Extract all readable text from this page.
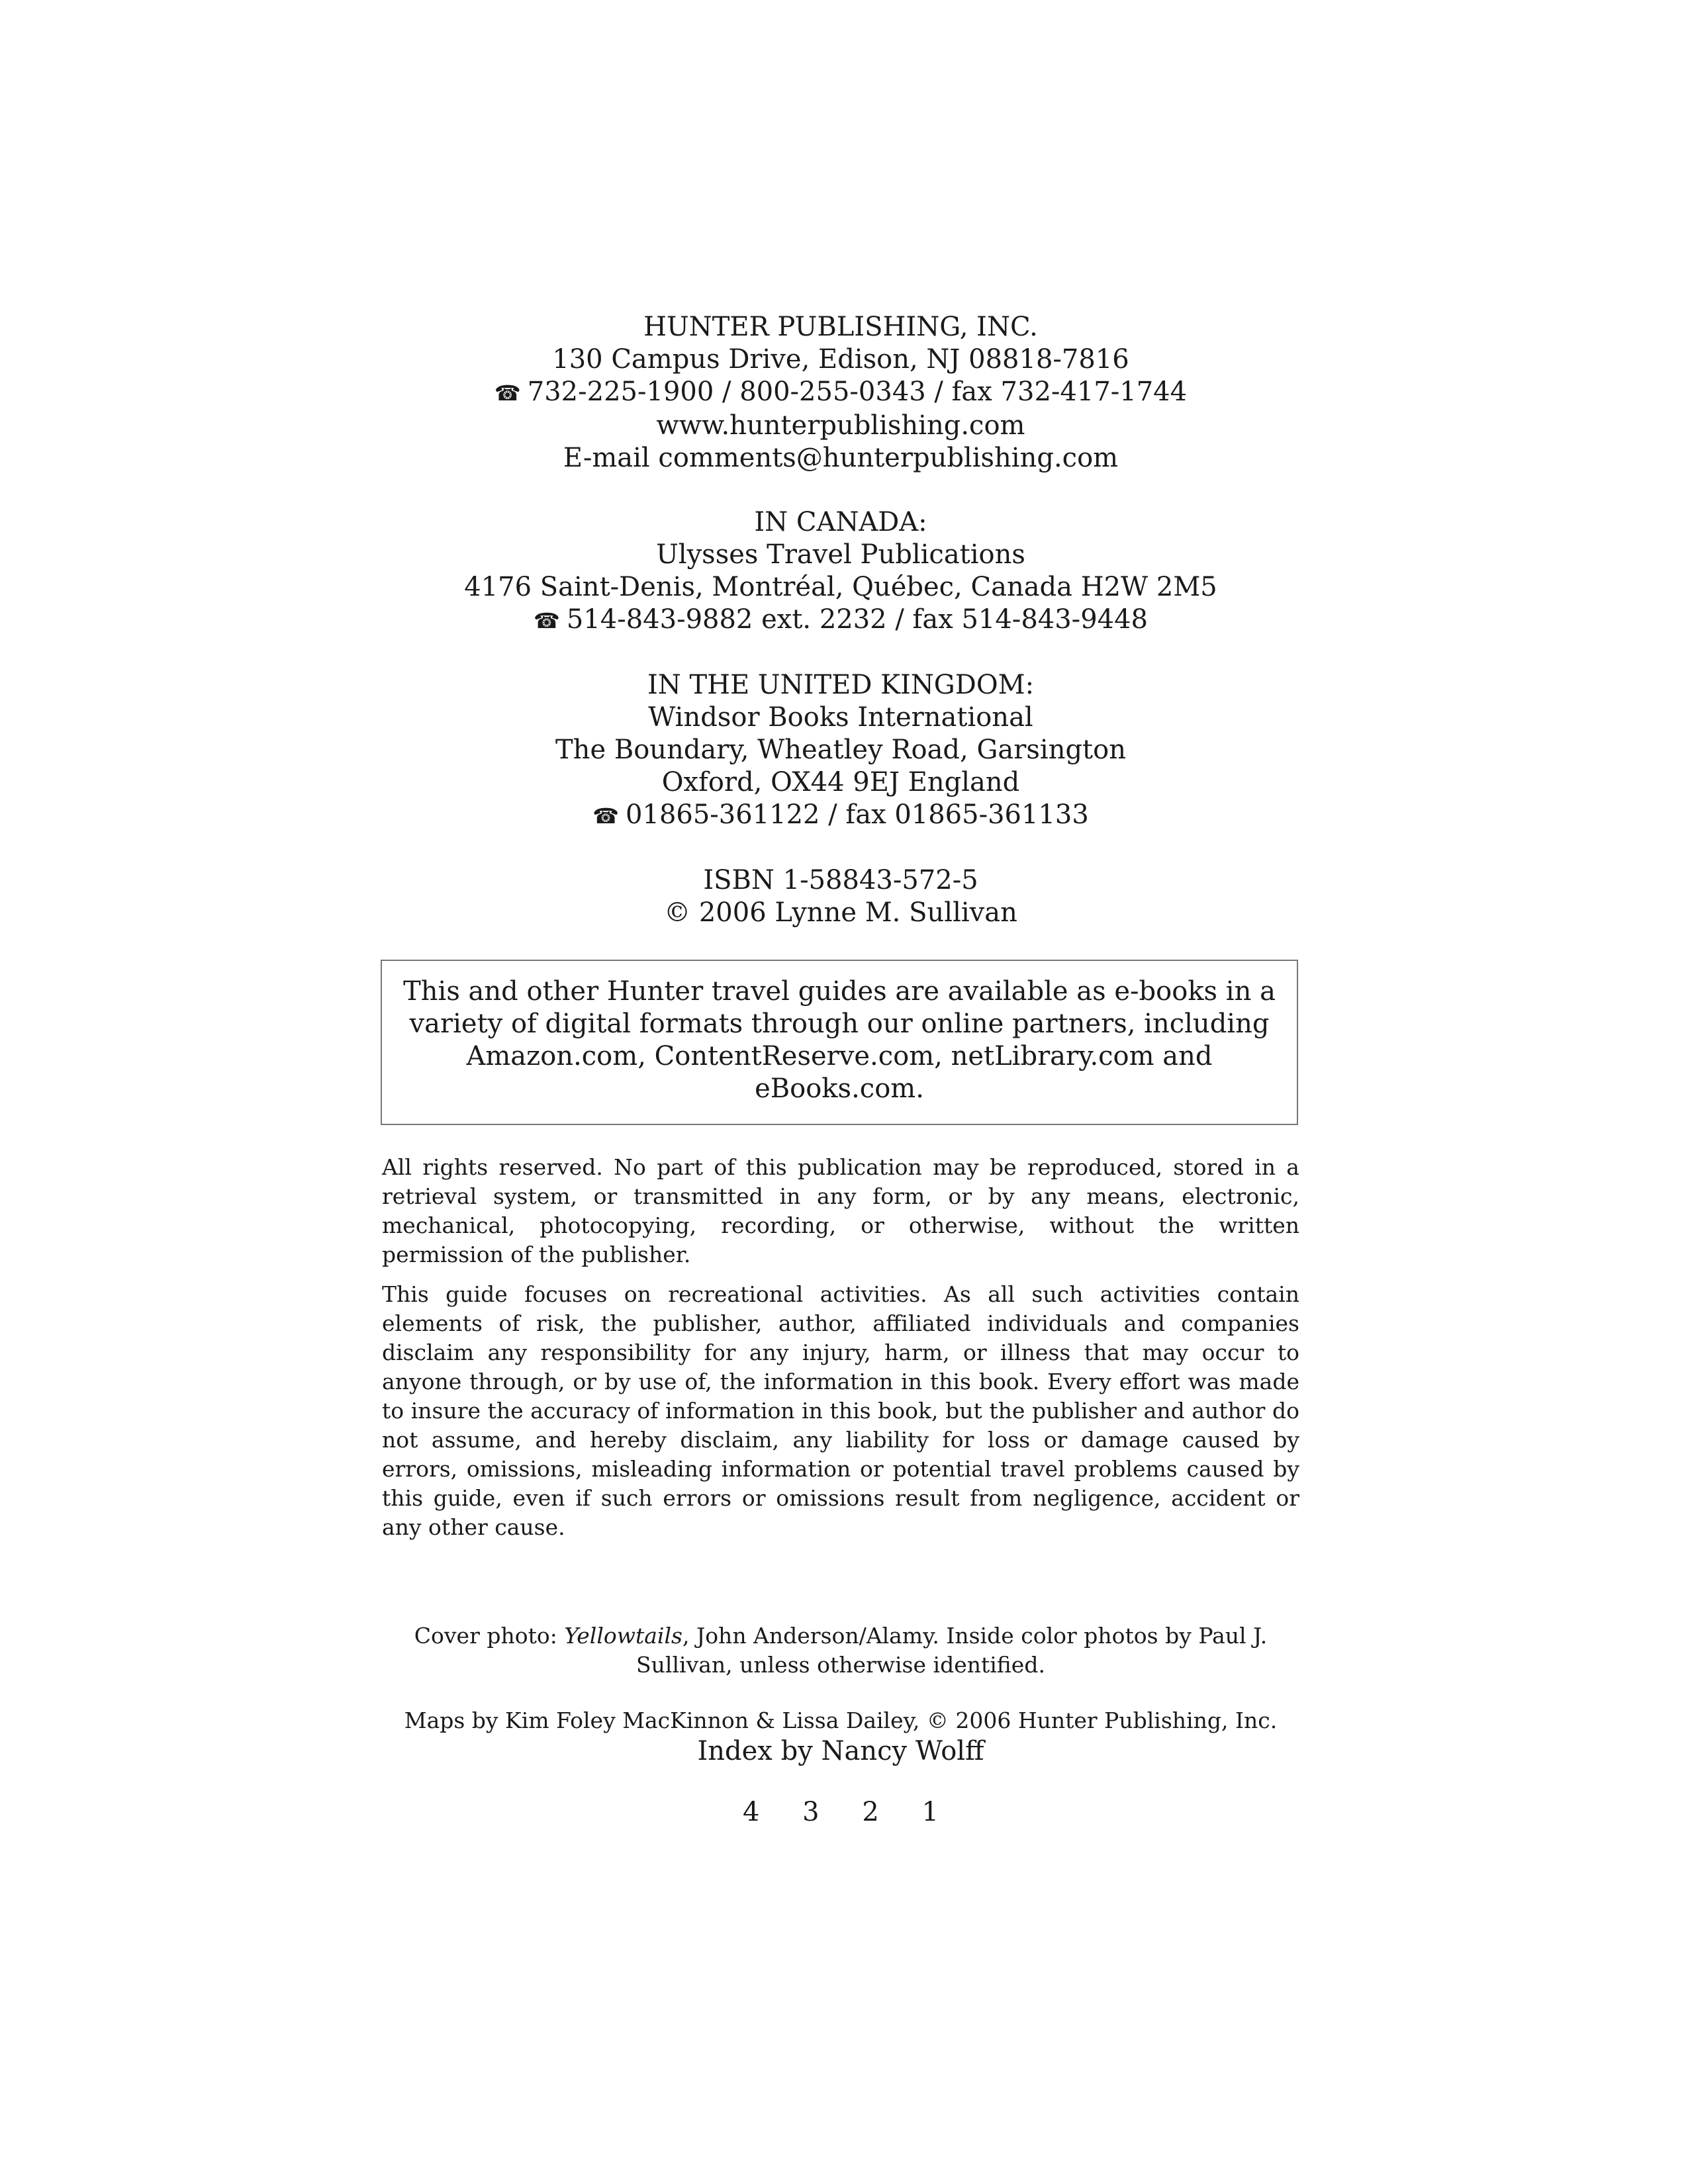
HUNTER PUBLISHING, INC.

130 Campus Drive, Edison, NJ 08818-7816

☎ 732-225-1900 / 800-255-0343 / fax 732-417-1744

www.hunterpublishing.com

E-mail comments@hunterpublishing.com

IN CANADA:

Ulysses Travel Publications

4176 Saint-Denis, Montréal, Québec, Canada H2W 2M5

☎ 514-843-9882 ext. 2232 / fax 514-843-9448

IN THE UNITED KINGDOM:

Windsor Books International

The Boundary, Wheatley Road, Garsington

Oxford, OX44 9EJ England

☎ 01865-361122 / fax 01865-361133

ISBN 1-58843-572-5

© 2006 Lynne M. Sullivan

This and other Hunter travel guides are available as e-books in a

variety of digital formats through our online partners, including

Amazon.com, ContentReserve.com, netLibrary.com and eBooks.com.

All rights reserved. No part of this publication may be reproduced, stored in a retrieval system, or transmitted in any form, or by any means, electronic, mechanical, photocopying, recording, or otherwise, without the written permission of the publisher.

This guide focuses on recreational activities. As all such activities contain elements of risk, the publisher, author, affiliated individuals and companies disclaim any responsibility for any injury, harm, or illness that may occur to anyone through, or by use of, the information in this book. Every effort was made to insure the accuracy of information in this book, but the publisher and author do not assume, and hereby disclaim, any liability for loss or damage caused by errors, omissions, misleading information or potential travel problems caused by this guide, even if such errors or omissions result from negligence, accident or any other cause.

Cover photo: Yellowtails, John Anderson/Alamy. Inside color photos by Paul J.

Sullivan, unless otherwise identified.

Maps by Kim Foley MacKinnon & Lissa Dailey, © 2006 Hunter Publishing, Inc.

Index by Nancy Wolff

4 3 2 1
